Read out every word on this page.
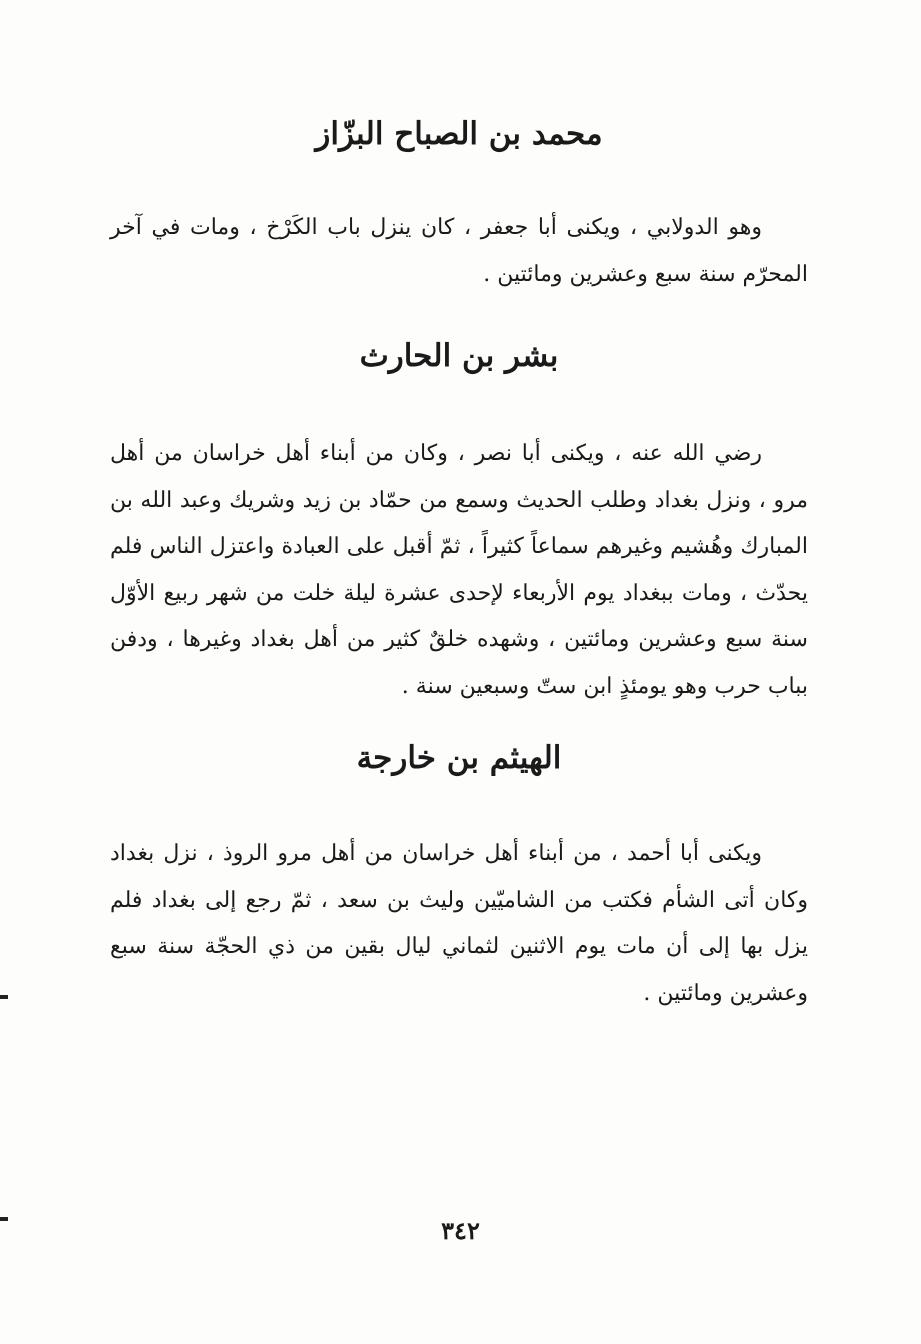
محمد بن الصباح البزّاز

وهو الدولابي ، ويكنى أبا جعفر ، كان ينزل باب الكَرْخ ، ومات في آخر المحرّم سنة سبع وعشرين ومائتين .

بشر بن الحارث

رضي الله عنه ، ويكنى أبا نصر ، وكان من أبناء أهل خراسان من أهل مرو ، ونزل بغداد وطلب الحديث وسمع من حمّاد بن زيد وشريك وعبد الله بن المبارك وهُشيم وغيرهم سماعاً كثيراً ، ثمّ أقبل على العبادة واعتزل الناس فلم يحدّث ، ومات ببغداد يوم الأربعاء لإحدى عشرة ليلة خلت من شهر ربيع الأوّل سنة سبع وعشرين ومائتين ، وشهده خلقٌ كثير من أهل بغداد وغيرها ، ودفن بباب حرب وهو يومئذٍ ابن ستّ وسبعين سنة .

الهيثم بن خارجة

ويكنى أبا أحمد ، من أبناء أهل خراسان من أهل مرو الروذ ، نزل بغداد وكان أتى الشأم فكتب من الشاميّين وليث بن سعد ، ثمّ رجع إلى بغداد فلم يزل بها إلى أن مات يوم الاثنين لثماني ليال بقين من ذي الحجّة سنة سبع وعشرين ومائتين .

٣٤٢
